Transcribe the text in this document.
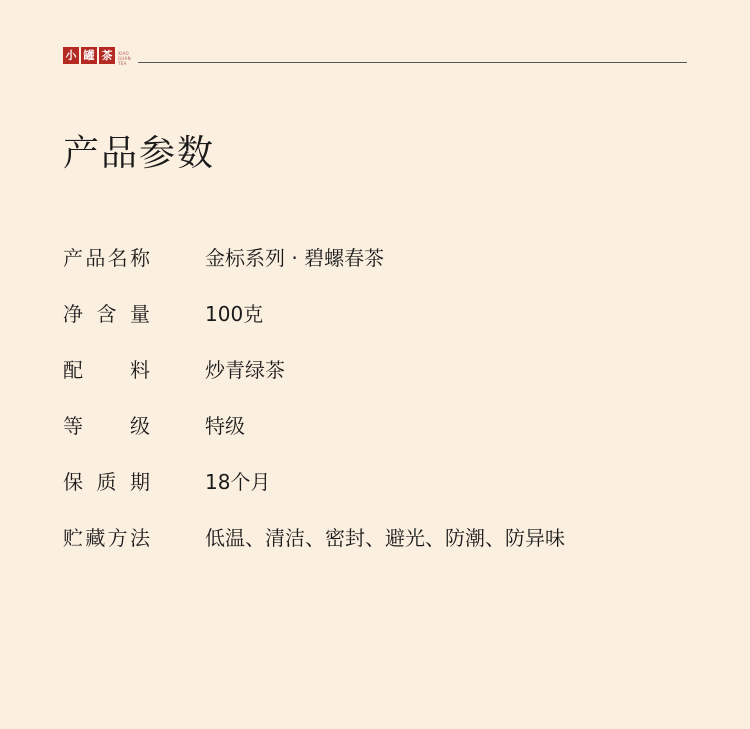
小 罐 茶	XIAO GUAN TEA
产品参数
产 品 名 称	金标系列 · 碧螺春茶
净 含 量	100克
配 料	炒青绿茶
等 级	特级
保 质 期	18个月
贮 藏 方 法	低温、清洁、密封、避光、防潮、防异味
